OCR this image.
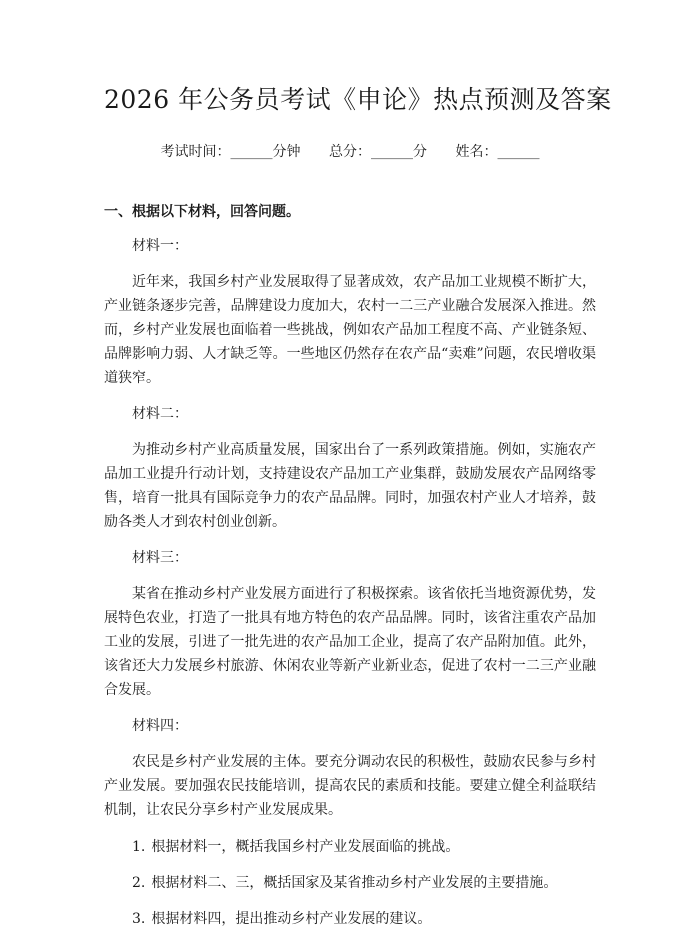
2026 年公务员考试《申论》热点预测及答案
考试时间：______分钟 总分：______分 姓名：______
一、根据以下材料，回答问题。
材料一：
近年来，我国乡村产业发展取得了显著成效，农产品加工业规模不断扩大，产业链条逐步完善，品牌建设力度加大，农村一二三产业融合发展深入推进。然而，乡村产业发展也面临着一些挑战，例如农产品加工程度不高、产业链条短、品牌影响力弱、人才缺乏等。一些地区仍然存在农产品“卖难”问题，农民增收渠道狭窄。
材料二：
为推动乡村产业高质量发展，国家出台了一系列政策措施。例如，实施农产品加工业提升行动计划，支持建设农产品加工产业集群，鼓励发展农产品网络零售，培育一批具有国际竞争力的农产品品牌。同时，加强农村产业人才培养，鼓励各类人才到农村创业创新。
材料三：
某省在推动乡村产业发展方面进行了积极探索。该省依托当地资源优势，发展特色农业，打造了一批具有地方特色的农产品品牌。同时，该省注重农产品加工业的发展，引进了一批先进的农产品加工企业，提高了农产品附加值。此外，该省还大力发展乡村旅游、休闲农业等新产业新业态，促进了农村一二三产业融合发展。
材料四：
农民是乡村产业发展的主体。要充分调动农民的积极性，鼓励农民参与乡村产业发展。要加强农民技能培训，提高农民的素质和技能。要建立健全利益联结机制，让农民分享乡村产业发展成果。
1. 根据材料一，概括我国乡村产业发展面临的挑战。
2. 根据材料二、三，概括国家及某省推动乡村产业发展的主要措施。
3. 根据材料四，提出推动乡村产业发展的建议。
